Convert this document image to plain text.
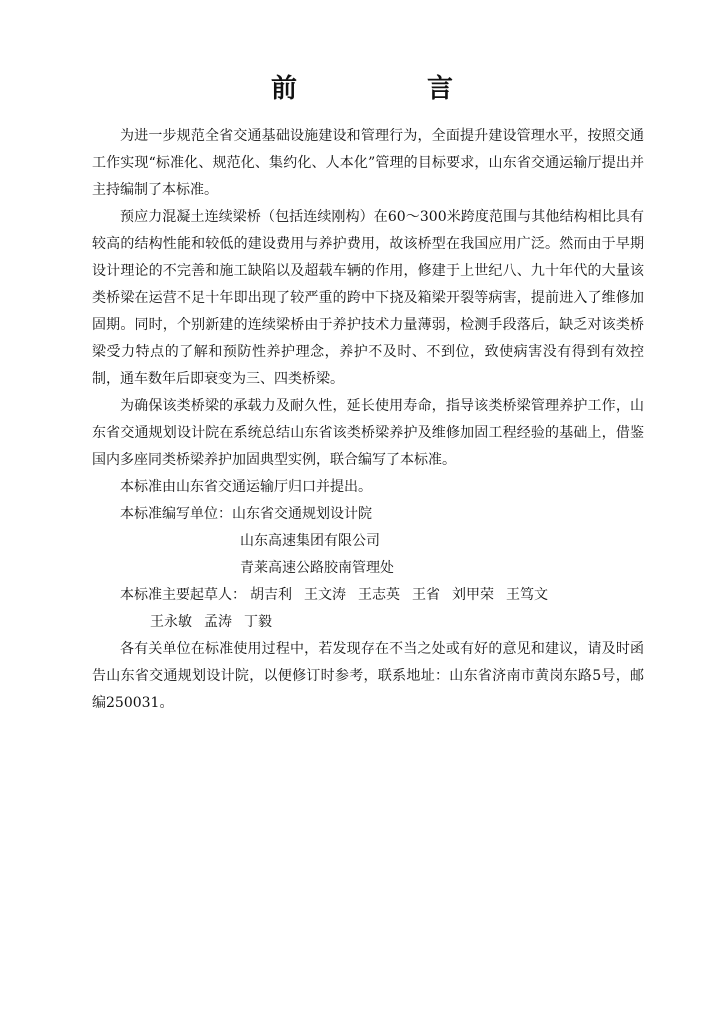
前　言

为进一步规范全省交通基础设施建设和管理行为，全面提升建设管理水平，按照交通工作实现“标准化、规范化、集约化、人本化”管理的目标要求，山东省交通运输厅提出并主持编制了本标准。

预应力混凝土连续梁桥（包括连续刚构）在60～300米跨度范围与其他结构相比具有较高的结构性能和较低的建设费用与养护费用，故该桥型在我国应用广泛。然而由于早期设计理论的不完善和施工缺陷以及超载车辆的作用，修建于上世纪八、九十年代的大量该类桥梁在运营不足十年即出现了较严重的跨中下挠及箱梁开裂等病害，提前进入了维修加固期。同时，个别新建的连续梁桥由于养护技术力量薄弱，检测手段落后，缺乏对该类桥梁受力特点的了解和预防性养护理念，养护不及时、不到位，致使病害没有得到有效控制，通车数年后即衰变为三、四类桥梁。

为确保该类桥梁的承载力及耐久性，延长使用寿命，指导该类桥梁管理养护工作，山东省交通规划设计院在系统总结山东省该类桥梁养护及维修加固工程经验的基础上，借鉴国内多座同类桥梁养护加固典型实例，联合编写了本标准。

本标准由山东省交通运输厅归口并提出。

本标准编写单位：山东省交通规划设计院

山东高速集团有限公司

青莱高速公路胶南管理处

本标准主要起草人： 胡吉利 王文涛 王志英 王省 刘甲荣 王笃文

王永敏 孟涛 丁毅

各有关单位在标准使用过程中，若发现存在不当之处或有好的意见和建议，请及时函告山东省交通规划设计院，以便修订时参考，联系地址：山东省济南市黄岗东路5号，邮编250031。
